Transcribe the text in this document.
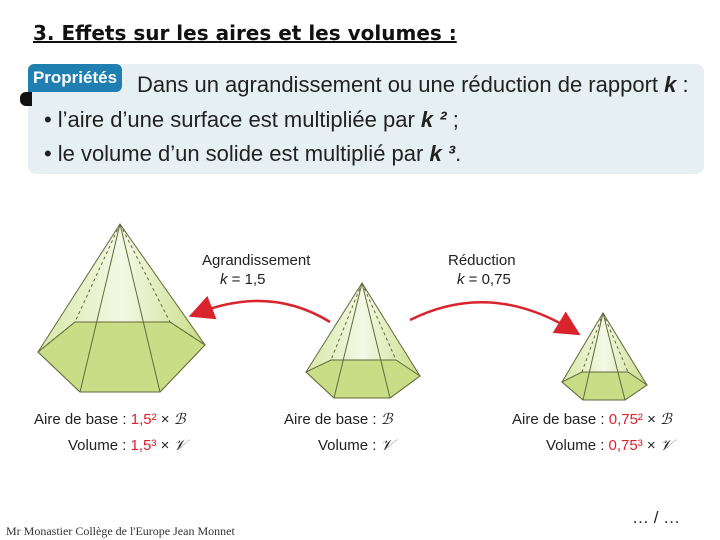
3. Effets sur les aires et les volumes :
Propriétés Dans un agrandissement ou une réduction de rapport k :
• l’aire d’une surface est multipliée par k ² ;
• le volume d’un solide est multiplié par k ³.
Agrandissement
k = 1,5
Réduction
k = 0,75
Aire de base : 1,5² × ℬ
Volume : 1,5³ × 𝒱
Aire de base : ℬ
Volume : 𝒱
Aire de base : 0,75² × ℬ
Volume : 0,75³ × 𝒱
Mr Monastier Collège de l'Europe Jean Monnet
… / …
